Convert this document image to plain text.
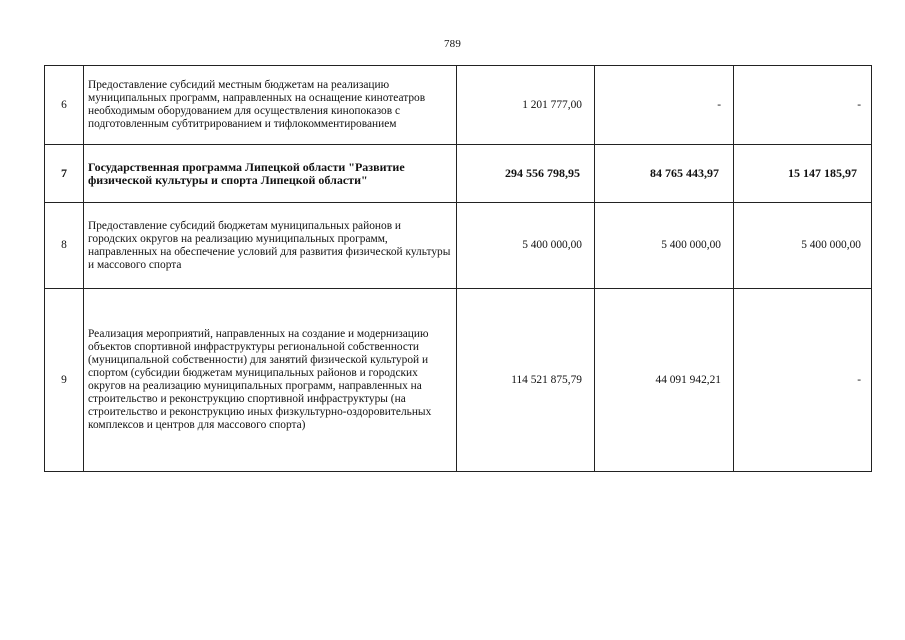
789
6	Предоставление субсидий местным бюджетам на реализацию муниципальных программ, направленных на оснащение кинотеатров необходимым оборудованием для осуществления кинопоказов с подготовленным субтитрированием и тифлокомментированием	1 201 777,00	-	-
7	Государственная программа Липецкой области "Развитие физической культуры и спорта Липецкой области"	294 556 798,95	84 765 443,97	15 147 185,97
8	Предоставление субсидий бюджетам муниципальных районов и городских округов на реализацию муниципальных программ, направленных на обеспечение условий для развития физической культуры и массового спорта	5 400 000,00	5 400 000,00	5 400 000,00
9	Реализация мероприятий, направленных на создание и модернизацию объектов спортивной инфраструктуры региональной собственности (муниципальной собственности) для занятий физической культурой и спортом (субсидии бюджетам муниципальных районов и городских округов на реализацию муниципальных программ, направленных на строительство и реконструкцию спортивной инфраструктуры (на строительство и реконструкцию иных физкультурно-оздоровительных комплексов и центров для массового спорта)	114 521 875,79	44 091 942,21	-
